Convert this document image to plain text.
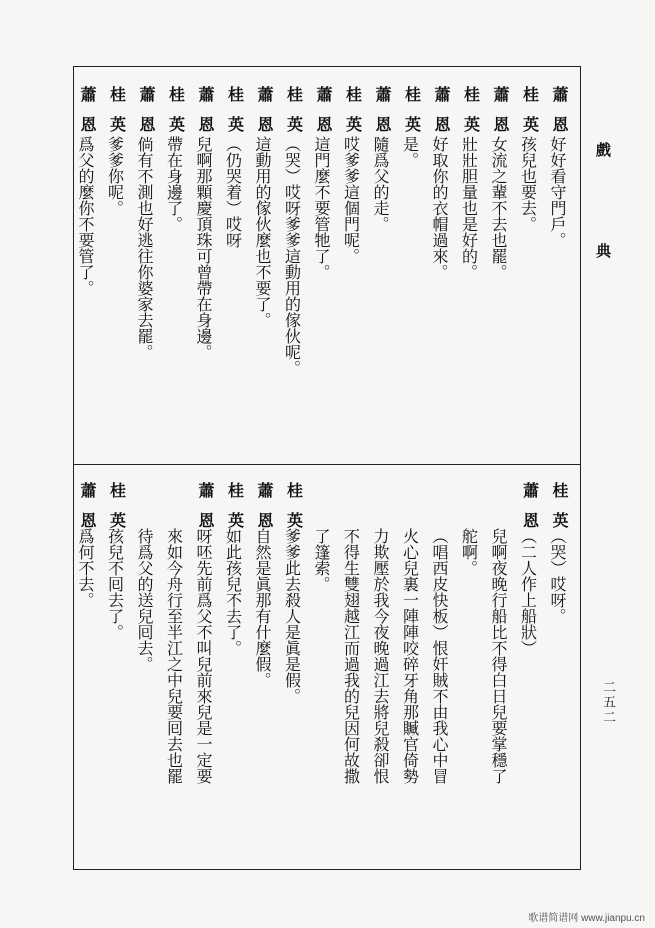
戲典
二五二
蕭恩
好好看守門戶。
桂英
孩兒也要去。
蕭恩
女流之輩不去也罷。
桂英
壯壯胆量也是好的。
蕭恩
好取你的衣帽過來。
桂英
是。
蕭恩
隨爲父的走。
桂英
哎爹爹這個門呢。
蕭恩
這門麼不要管牠了。
桂英
（哭）哎呀爹爹這動用的傢伙呢。
蕭恩
這動用的傢伙麼也不要了。
桂英
（仍哭着）哎呀
蕭恩
兒啊那顆慶頂珠可曾帶在身邊。
桂英
帶在身邊了。
蕭恩
倘有不測也好逃往你婆家去罷。
桂英
爹爹你呢。
蕭恩
爲父的麼你不要管了。
桂英
（哭）哎呀。
蕭恩
（二人作上船狀）
兒啊夜晚行船比不得白日兒要掌穩了
舵啊。
（唱西皮快板）恨奸賊不由我心中冒
火心兒裏一陣陣咬碎牙角那贓官倚勢
力欺壓於我今夜晚過江去將兒殺卻恨
不得生雙翅越江而過我的兒因何故撒
了篷索。
桂英
爹爹此去殺人是眞是假。
蕭恩
自然是眞那有什麼假。
桂英
如此孩兒不去了。
蕭恩
呀呸先前爲父不叫兒前來兒是一定要
來如今舟行至半江之中兒要囘去也罷
待爲父的送兒囘去。
桂英
孩兒不囘去了。
蕭恩
爲何不去。
歌谱简谱网 www.jianpu.cn
